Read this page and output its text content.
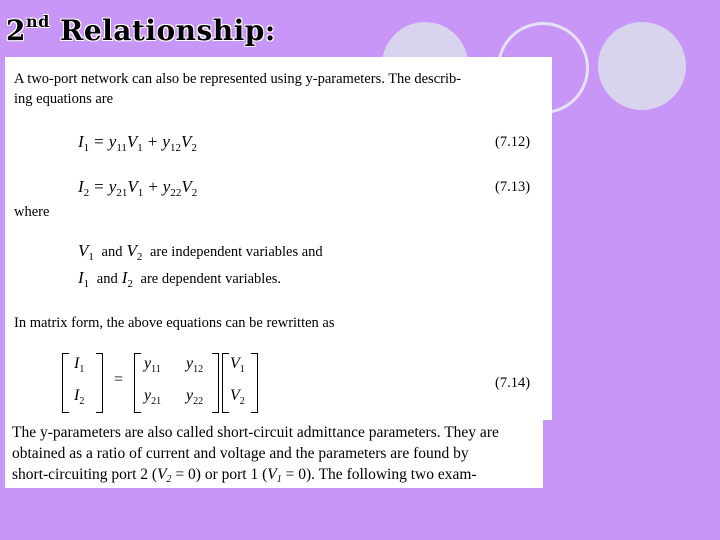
2nd Relationship:
A two-port network can also be represented using y-parameters. The describ-
ing equations are
$I_1 = y_{11}V_1 + y_{12}V_2$	(7.12)
$I_2 = y_{21}V_1 + y_{22}V_2$	(7.13)
where
$V_1$ and $V_2$ are independent variables and
$I_1$ and $I_2$ are dependent variables.
In matrix form, the above equations can be rewritten as
$I_1$
$I_2$
=
$y_{11}$ $y_{12}$
$y_{21}$ $y_{22}$
$V_1$
$V_2$
(7.14)
The y-parameters are also called short-circuit admittance parameters. They are
obtained as a ratio of current and voltage and the parameters are found by
short-circuiting port 2 $(V_2 = 0)$ or port 1 $(V_1 = 0)$. The following two exam-
